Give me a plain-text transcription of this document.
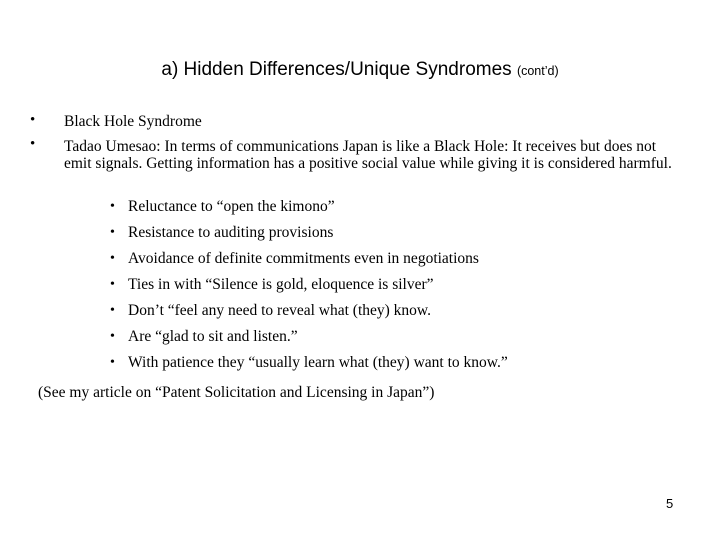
a) Hidden Differences/Unique Syndromes (cont’d)
• Black Hole Syndrome
• Tadao Umesao: In terms of communications Japan is like a Black Hole: It receives but does not emit signals. Getting information has a positive social value while giving it is considered harmful.
• Reluctance to “open the kimono”
• Resistance to auditing provisions
• Avoidance of definite commitments even in negotiations
• Ties in with “Silence is gold, eloquence is silver”
• Don’t “feel any need to reveal what (they) know.
• Are “glad to sit and listen.”
• With patience they “usually learn what (they) want to know.”
(See my article on “Patent Solicitation and Licensing in Japan”)
5
